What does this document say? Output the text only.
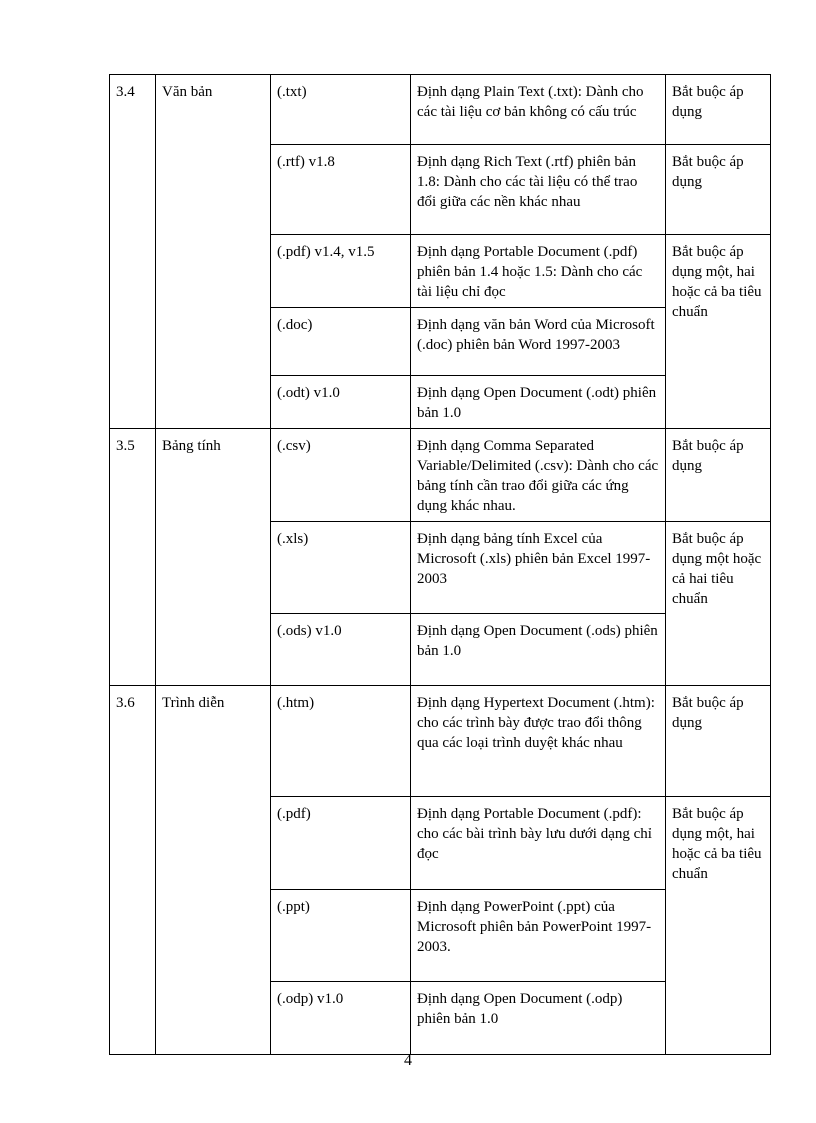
3.4	Văn bản	(.txt)	Định dạng Plain Text (.txt): Dành cho các tài liệu cơ bản không có cấu trúc	Bắt buộc áp dụng
		(.rtf) v1.8	Định dạng Rich Text (.rtf) phiên bản 1.8: Dành cho các tài liệu có thể trao đổi giữa các nền khác nhau	Bắt buộc áp dụng
		(.pdf) v1.4, v1.5	Định dạng Portable Document (.pdf) phiên bản 1.4 hoặc 1.5: Dành cho các tài liệu chỉ đọc	Bắt buộc áp dụng một, hai hoặc cả ba tiêu chuẩn
		(.doc)	Định dạng văn bản Word của Microsoft (.doc) phiên bản Word 1997-2003	
		(.odt) v1.0	Định dạng Open Document (.odt) phiên bản 1.0	
3.5	Bảng tính	(.csv)	Định dạng Comma Separated Variable/Delimited (.csv): Dành cho các bảng tính cần trao đổi giữa các ứng dụng khác nhau.	Bắt buộc áp dụng
		(.xls)	Định dạng bảng tính Excel của Microsoft (.xls) phiên bản Excel 1997-2003	Bắt buộc áp dụng một hoặc cả hai tiêu chuẩn
		(.ods) v1.0	Định dạng Open Document (.ods) phiên bản 1.0	
3.6	Trình diễn	(.htm)	Định dạng Hypertext Document (.htm): cho các trình bày được trao đổi thông qua các loại trình duyệt khác nhau	Bắt buộc áp dụng
		(.pdf)	Định dạng Portable Document (.pdf): cho các bài trình bày lưu dưới dạng chỉ đọc	Bắt buộc áp dụng một, hai hoặc cả ba tiêu chuẩn
		(.ppt)	Định dạng PowerPoint (.ppt) của Microsoft phiên bản PowerPoint 1997-2003.	
		(.odp) v1.0	Định dạng Open Document (.odp) phiên bản 1.0	
4
